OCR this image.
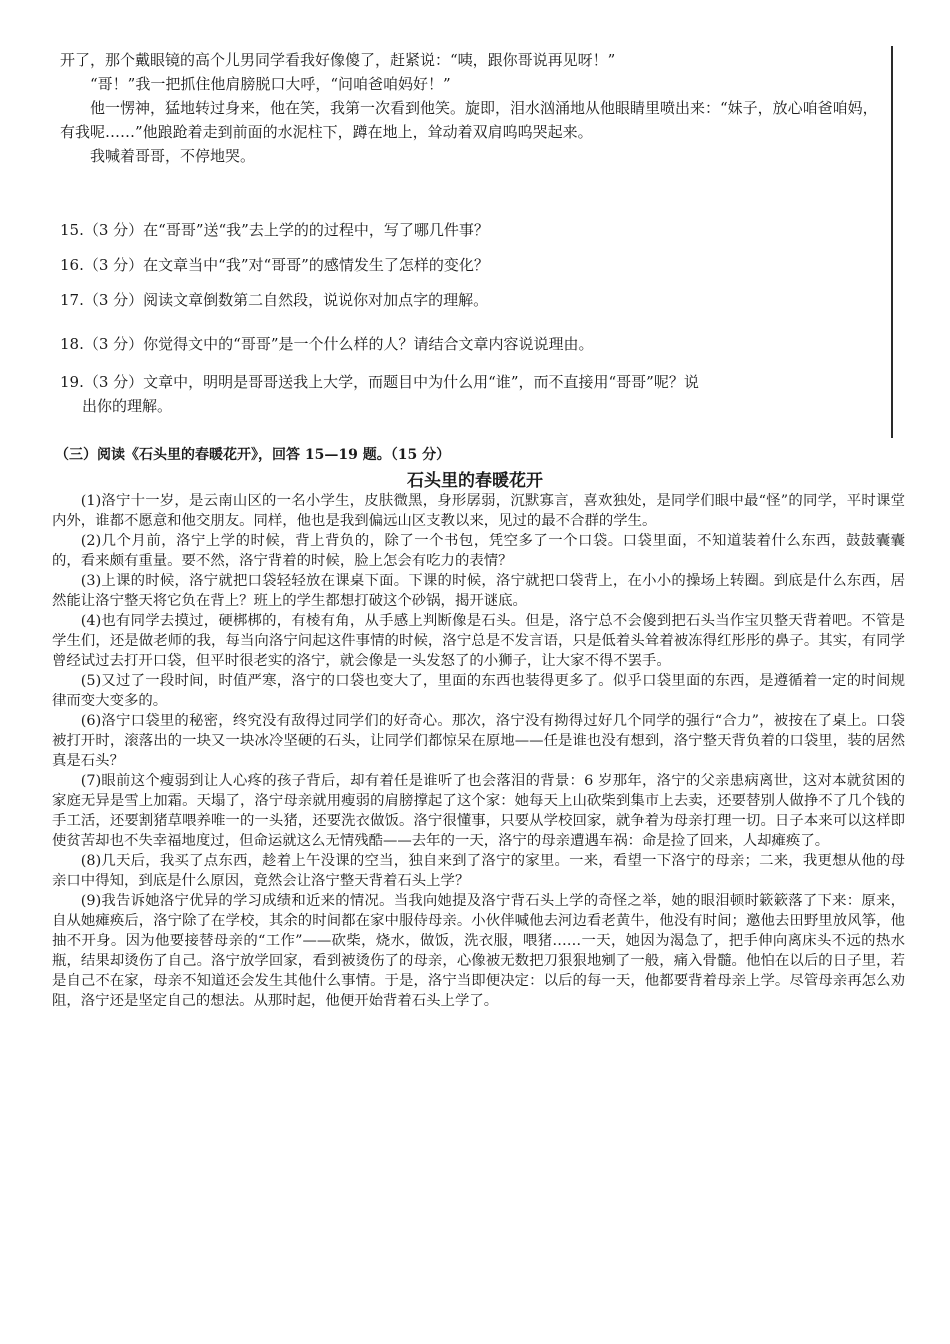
开了，那个戴眼镜的高个儿男同学看我好像傻了，赶紧说：“咦，跟你哥说再见呀！”

“哥！”我一把抓住他肩膀脱口大呼，“问咱爸咱妈好！”

他一愣神，猛地转过身来，他在笑，我第一次看到他笑。旋即，泪水汹涌地从他眼睛里喷出来：“妹子，放心咱爸咱妈，有我呢……”他踉跄着走到前面的水泥柱下，蹲在地上，耸动着双肩呜呜哭起来。

我喊着哥哥，不停地哭。

15.（3 分）在“哥哥”送“我”去上学的的过程中，写了哪几件事？

16.（3 分）在文章当中“我”对“哥哥”的感情发生了怎样的变化？

17.（3 分）阅读文章倒数第二自然段，说说你对加点字的理解。

18.（3 分）你觉得文中的“哥哥”是一个什么样的人？请结合文章内容说说理由。

19.（3 分）文章中，明明是哥哥送我上大学，而题目中为什么用“谁”，而不直接用“哥哥”呢？说
出你的理解。

（三）阅读《石头里的春暖花开》，回答 15—19 题。（15 分）

石头里的春暖花开

(1)洛宁十一岁，是云南山区的一名小学生，皮肤微黑，身形孱弱，沉默寡言，喜欢独处，是同学们眼中最“怪”的同学，平时课堂内外，谁都不愿意和他交朋友。同样，他也是我到偏远山区支教以来，见过的最不合群的学生。

(2)几个月前，洛宁上学的时候，背上背负的，除了一个书包，凭空多了一个口袋。口袋里面，不知道装着什么东西，鼓鼓囊囊的，看来颇有重量。要不然，洛宁背着的时候，脸上怎会有吃力的表情？

(3)上课的时候，洛宁就把口袋轻轻放在课桌下面。下课的时候，洛宁就把口袋背上，在小小的操场上转圈。到底是什么东西，居然能让洛宁整天将它负在背上？班上的学生都想打破这个砂锅，揭开谜底。

(4)也有同学去摸过，硬梆梆的，有棱有角，从手感上判断像是石头。但是，洛宁总不会傻到把石头当作宝贝整天背着吧。不管是学生们，还是做老师的我，每当向洛宁问起这件事情的时候，洛宁总是不发言语，只是低着头耸着被冻得红彤彤的鼻子。其实，有同学曾经试过去打开口袋，但平时很老实的洛宁，就会像是一头发怒了的小狮子，让大家不得不罢手。

(5)又过了一段时间，时值严寒，洛宁的口袋也变大了，里面的东西也装得更多了。似乎口袋里面的东西，是遵循着一定的时间规律而变大变多的。

(6)洛宁口袋里的秘密，终究没有敌得过同学们的好奇心。那次，洛宁没有拗得过好几个同学的强行“合力”，被按在了桌上。口袋被打开时，滚落出的一块又一块冰冷坚硬的石头，让同学们都惊呆在原地——任是谁也没有想到，洛宁整天背负着的口袋里，装的居然真是石头？

(7)眼前这个瘦弱到让人心疼的孩子背后，却有着任是谁听了也会落泪的背景：6 岁那年，洛宁的父亲患病离世，这对本就贫困的家庭无异是雪上加霜。天塌了，洛宁母亲就用瘦弱的肩膀撑起了这个家：她每天上山砍柴到集市上去卖，还要替别人做挣不了几个钱的手工活，还要割猪草喂养唯一的一头猪，还要洗衣做饭。洛宁很懂事，只要从学校回家，就争着为母亲打理一切。日子本来可以这样即使贫苦却也不失幸福地度过，但命运就这么无情残酷——去年的一天，洛宁的母亲遭遇车祸：命是捡了回来，人却瘫痪了。

(8)几天后，我买了点东西，趁着上午没课的空当，独自来到了洛宁的家里。一来，看望一下洛宁的母亲；二来，我更想从他的母亲口中得知，到底是什么原因，竟然会让洛宁整天背着石头上学？

(9)我告诉她洛宁优异的学习成绩和近来的情况。当我向她提及洛宁背石头上学的奇怪之举，她的眼泪顿时簌簌落了下来：原来，自从她瘫痪后，洛宁除了在学校，其余的时间都在家中服侍母亲。小伙伴喊他去河边看老黄牛，他没有时间；邀他去田野里放风筝，他抽不开身。因为他要接替母亲的“工作”——砍柴，烧水，做饭，洗衣服，喂猪……一天，她因为渴急了，把手伸向离床头不远的热水瓶，结果却烫伤了自己。洛宁放学回家，看到被烫伤了的母亲，心像被无数把刀狠狠地剜了一般，痛入骨髓。他怕在以后的日子里，若是自己不在家，母亲不知道还会发生其他什么事情。于是，洛宁当即便决定：以后的每一天，他都要背着母亲上学。尽管母亲再怎么劝阻，洛宁还是坚定自己的想法。从那时起，他便开始背着石头上学了。
